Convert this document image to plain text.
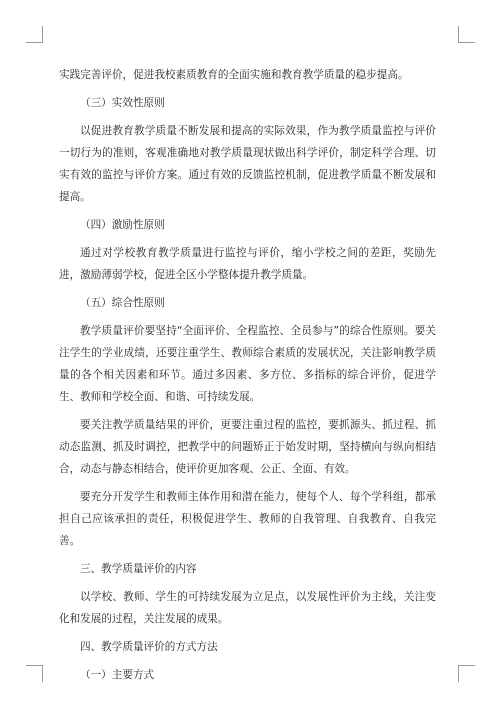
实践完善评价，促进我校素质教育的全面实施和教育教学质量的稳步提高。

（三）实效性原则

以促进教育教学质量不断发展和提高的实际效果，作为教学质量监控与评价一切行为的准则，客观准确地对教学质量现状做出科学评价，制定科学合理、切实有效的监控与评价方案。通过有效的反馈监控机制，促进教学质量不断发展和提高。

（四）激励性原则

通过对学校教育教学质量进行监控与评价，缩小学校之间的差距，奖励先进，激励薄弱学校，促进全区小学整体提升教学质量。

（五）综合性原则

教学质量评价要坚持“全面评价、全程监控、全员参与”的综合性原则。要关注学生的学业成绩，还要注重学生、教师综合素质的发展状况，关注影响教学质量的各个相关因素和环节。通过多因素、多方位、多指标的综合评价，促进学生、教师和学校全面、和谐、可持续发展。

要关注教学质量结果的评价，更要注重过程的监控，要抓源头、抓过程、抓动态监测、抓及时调控，把教学中的问题矫正于始发时期，坚持横向与纵向相结合，动态与静态相结合，使评价更加客观、公正、全面、有效。

要充分开发学生和教师主体作用和潜在能力，使每个人、每个学科组，都承担自己应该承担的责任，积极促进学生、教师的自我管理、自我教育、自我完善。

三、教学质量评价的内容

以学校、教师、学生的可持续发展为立足点，以发展性评价为主线，关注变化和发展的过程，关注发展的成果。

四、教学质量评价的方式方法

（一）主要方式
